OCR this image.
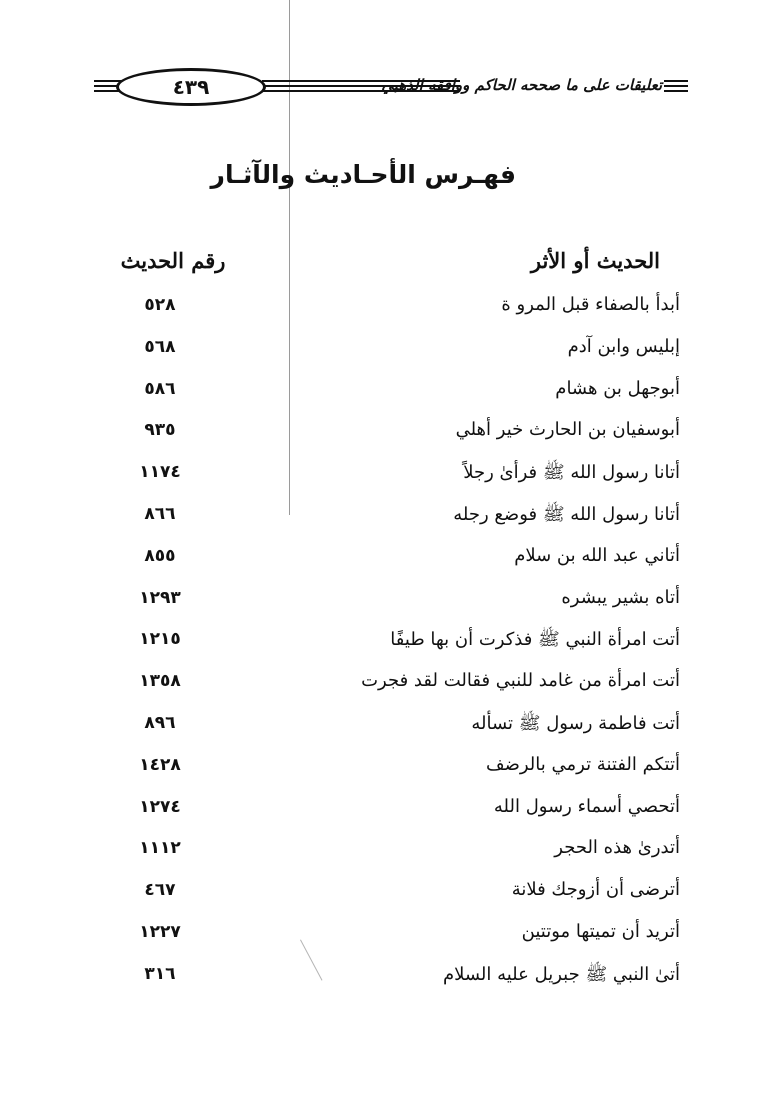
٤٣٩	تعليقات على ما صححه الحاكم ووافقه الذهبي
فهـرس الأحـاديث والآثـار
الحديث أو الأثر
رقم الحديث
أبدأ بالصفاء قبل المرو ة
٥٢٨
إبليس وابن آدم
٥٦٨
أبوجهل بن هشام
٥٨٦
أبوسفيان بن الحارث خير أهلي
٩٣٥
أتانا رسول الله ﷺ فرأىٰ رجلاً
١١٧٤
أتانا رسول الله ﷺ فوضع رجله
٨٦٦
أتاني عبد الله بن سلام
٨٥٥
أتاه بشير يبشره
١٢٩٣
أتت امرأة النبي ﷺ فذكرت أن بها طيفًا
١٢١٥
أتت امرأة من غامد للنبي فقالت لقد فجرت
١٣٥٨
أتت فاطمة رسول ﷺ تسأله
٨٩٦
أتتكم الفتنة ترمي بالرضف
١٤٢٨
أتحصي أسماء رسول الله
١٢٧٤
أتدرىٰ هذه الحجر
١١١٢
أترضى أن أزوجك فلانة
٤٦٧
أتريد أن تميتها موتتين
١٢٢٧
أتىٰ النبي ﷺ جبريل عليه السلام
٣١٦
